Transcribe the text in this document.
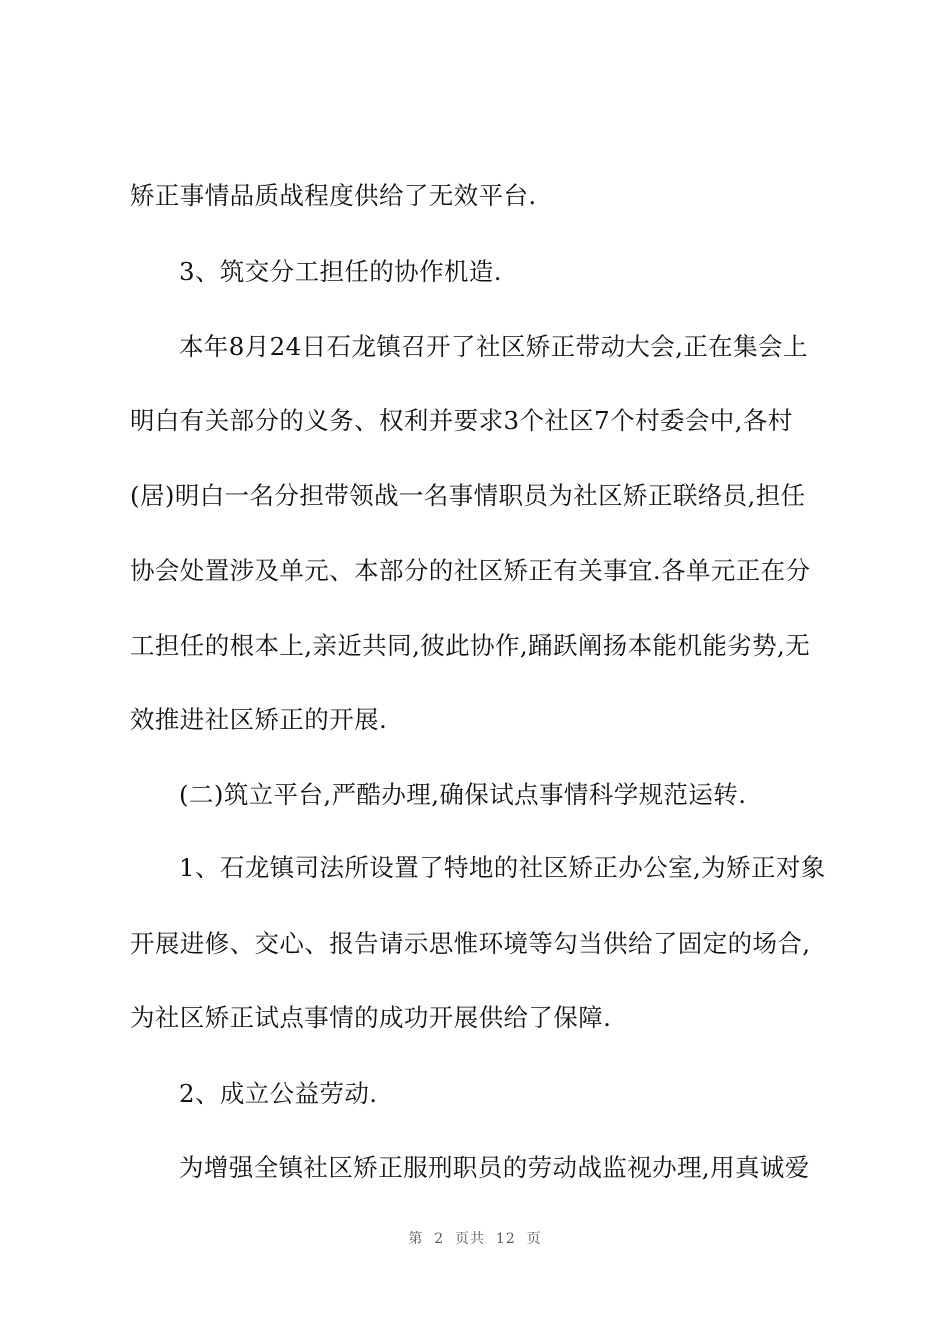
矫正事情品质战程度供给了无效平台.
3、筑交分工担任的协作机造.
本年8月24日石龙镇召开了社区矫正带动大会,正在集会上
明白有关部分的义务、权利并要求3个社区7个村委会中,各村
(居)明白一名分担带领战一名事情职员为社区矫正联络员,担任
协会处置涉及单元、本部分的社区矫正有关事宜.各单元正在分
工担任的根本上,亲近共同,彼此协作,踊跃阐扬本能机能劣势,无
效推进社区矫正的开展.
(二)筑立平台,严酷办理,确保试点事情科学规范运转.
1、石龙镇司法所设置了特地的社区矫正办公室,为矫正对象
开展进修、交心、报告请示思惟环境等勾当供给了固定的场合,
为社区矫正试点事情的成功开展供给了保障.
2、成立公益劳动.
为增强全镇社区矫正服刑职员的劳动战监视办理,用真诚爱
第  2  页共  12  页
